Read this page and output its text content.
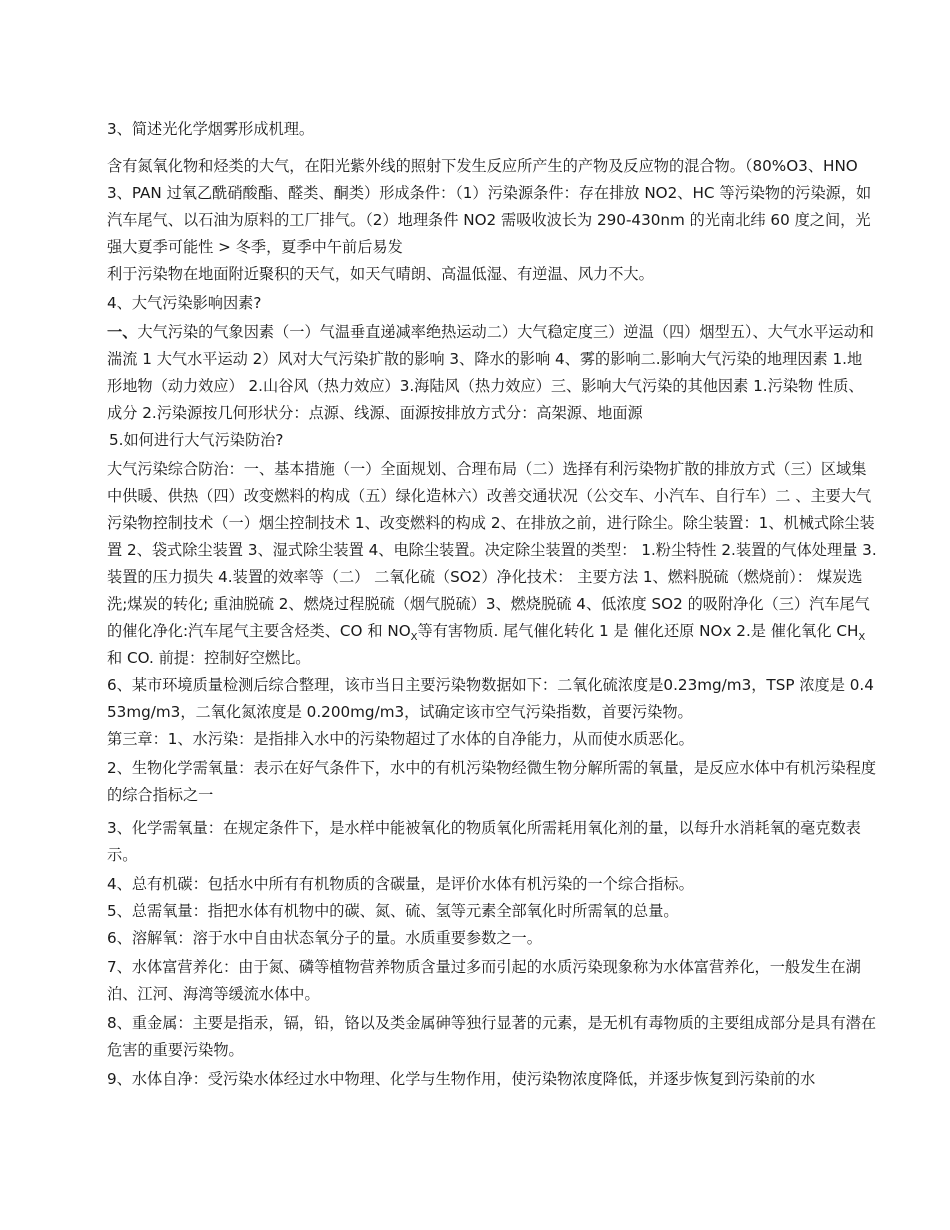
3、简述光化学烟雾形成机理。

含有氮氧化物和烃类的大气，在阳光紫外线的照射下发生反应所产生的产物及反应物的混合物。（80%O3、HNO3、PAN 过氧乙酰硝酸酯、醛类、酮类）形成条件：（1）污染源条件：存在排放 NO2、HC 等污染物的污染源，如汽车尾气、以石油为原料的工厂排气。（2）地理条件 NO2 需吸收波长为 290-430nm 的光南北纬 60 度之间，光强大夏季可能性 > 冬季，夏季中午前后易发

利于污染物在地面附近聚积的天气，如天气晴朗、高温低湿、有逆温、风力不大。

4、大气污染影响因素?

一、大气污染的气象因素（一）气温垂直递减率绝热运动二）大气稳定度三）逆温（四）烟型五）、大气水平运动和湍流 1 大气水平运动 2）风对大气污染扩散的影响 3、降水的影响 4、雾的影响二.影响大气污染的地理因素 1.地形地物（动力效应） 2.山谷风（热力效应）3.海陆风（热力效应）三、影响大气污染的其他因素 1.污染物 性质、成分 2.污染源按几何形状分：点源、线源、面源按排放方式分：高架源、地面源

5.如何进行大气污染防治?

大气污染综合防治：一、基本措施（一）全面规划、合理布局（二）选择有利污染物扩散的排放方式（三）区域集中供暖、供热（四）改变燃料的构成（五）绿化造林六）改善交通状况（公交车、小汽车、自行车）二 、主要大气污染物控制技术（一）烟尘控制技术 1、改变燃料的构成 2、在排放之前，进行除尘。除尘装置：1、机械式除尘装置 2、袋式除尘装置 3、湿式除尘装置 4、电除尘装置。决定除尘装置的类型： 1.粉尘特性 2.装置的气体处理量 3.装置的压力损失 4.装置的效率等（二） 二氧化硫（SO2）净化技术： 主要方法 1、燃料脱硫（燃烧前）： 煤炭选洗;煤炭的转化; 重油脱硫 2、燃烧过程脱硫（烟气脱硫）3、燃烧脱硫 4、低浓度 SO2 的吸附净化（三）汽车尾气的催化净化:汽车尾气主要含烃类、CO 和 $NO_X$等有害物质. 尾气催化转化 1 是 催化还原 NOx 2.是 催化氧化 $CH_X$ 和 CO. 前提：控制好空燃比。

6、某市环境质量检测后综合整理，该市当日主要污染物数据如下：二氧化硫浓度是0.23mg/m3，TSP 浓度是 0.453mg/m3，二氧化氮浓度是 0.200mg/m3，试确定该市空气污染指数，首要污染物。

第三章：1、水污染：是指排入水中的污染物超过了水体的自净能力，从而使水质恶化。

2、生物化学需氧量：表示在好气条件下，水中的有机污染物经微生物分解所需的氧量，是反应水体中有机污染程度的综合指标之一

3、化学需氧量：在规定条件下，是水样中能被氧化的物质氧化所需耗用氧化剂的量，以每升水消耗氧的毫克数表示。

4、总有机碳：包括水中所有有机物质的含碳量，是评价水体有机污染的一个综合指标。

5、总需氧量：指把水体有机物中的碳、氮、硫、氢等元素全部氧化时所需氧的总量。

6、溶解氧：溶于水中自由状态氧分子的量。水质重要参数之一。

7、水体富营养化：由于氮、磷等植物营养物质含量过多而引起的水质污染现象称为水体富营养化，一般发生在湖泊、江河、海湾等缓流水体中。

8、重金属：主要是指汞，镉，铅，铬以及类金属砷等独行显著的元素，是无机有毒物质的主要组成部分是具有潜在危害的重要污染物。

9、水体自净：受污染水体经过水中物理、化学与生物作用，使污染物浓度降低，并逐步恢复到污染前的水
